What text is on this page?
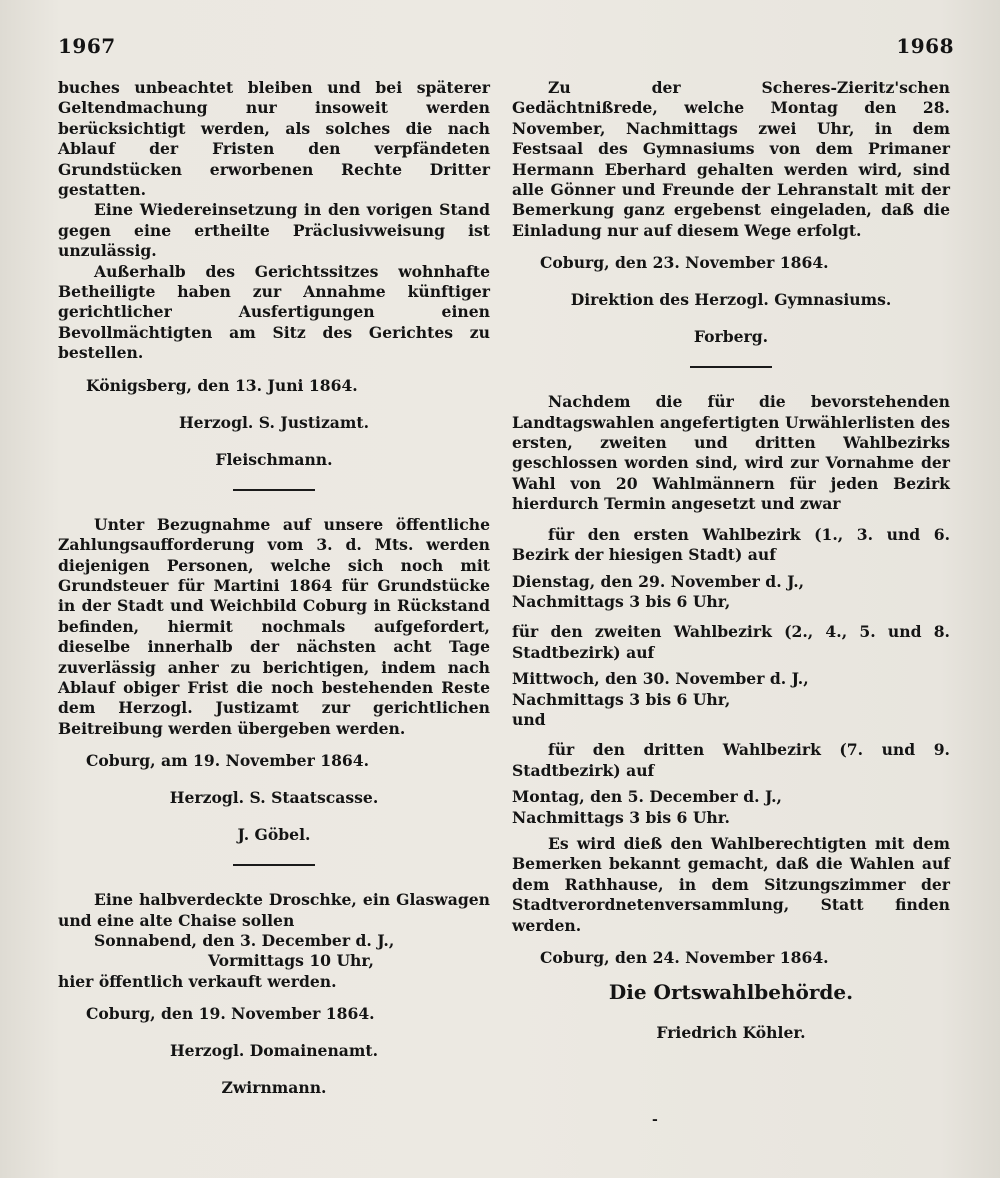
1967	1968

buches unbeachtet bleiben und bei späterer Geltendmachung nur insoweit werden berücksichtigt werden, als solches die nach Ablauf der Fristen den verpfändeten Grundstücken erworbenen Rechte Dritter gestatten.

Eine Wiedereinsetzung in den vorigen Stand gegen eine ertheilte Präclusivweisung ist unzulässig.

Außerhalb des Gerichtssitzes wohnhafte Betheiligte haben zur Annahme künftiger gerichtlicher Ausfertigungen einen Bevollmächtigten am Sitz des Gerichtes zu bestellen.

Königsberg, den 13. Juni 1864.

Herzogl. S. Justizamt.

Fleischmann.

Unter Bezugnahme auf unsere öffentliche Zahlungsaufforderung vom 3. d. Mts. werden diejenigen Personen, welche sich noch mit Grundsteuer für Martini 1864 für Grundstücke in der Stadt und Weichbild Coburg in Rückstand befinden, hiermit nochmals aufgefordert, dieselbe innerhalb der nächsten acht Tage zuverlässig anher zu berichtigen, indem nach Ablauf obiger Frist die noch bestehenden Reste dem Herzogl. Justizamt zur gerichtlichen Beitreibung werden übergeben werden.

Coburg, am 19. November 1864.

Herzogl. S. Staatscasse.

J. Göbel.

Eine halbverdeckte Droschke, ein Glaswagen und eine alte Chaise sollen

Sonnabend, den 3. December d. J.,

Vormittags 10 Uhr,

hier öffentlich verkauft werden.

Coburg, den 19. November 1864.

Herzogl. Domainenamt.

Zwirnmann.

Zu der Scheres-Zieritz'schen Gedächtnißrede, welche Montag den 28. November, Nachmittags zwei Uhr, in dem Festsaal des Gymnasiums von dem Primaner Hermann Eberhard gehalten werden wird, sind alle Gönner und Freunde der Lehranstalt mit der Bemerkung ganz ergebenst eingeladen, daß die Einladung nur auf diesem Wege erfolgt.

Coburg, den 23. November 1864.

Direktion des Herzogl. Gymnasiums.

Forberg.

Nachdem die für die bevorstehenden Landtagswahlen angefertigten Urwählerlisten des ersten, zweiten und dritten Wahlbezirks geschlossen worden sind, wird zur Vornahme der Wahl von 20 Wahlmännern für jeden Bezirk hierdurch Termin angesetzt und zwar

für den ersten Wahlbezirk (1., 3. und 6. Bezirk der hiesigen Stadt) auf

Dienstag, den 29. November d. J.,

Nachmittags 3 bis 6 Uhr,

für den zweiten Wahlbezirk (2., 4., 5. und 8. Stadtbezirk) auf

Mittwoch, den 30. November d. J.,

Nachmittags 3 bis 6 Uhr,

und

für den dritten Wahlbezirk (7. und 9. Stadtbezirk) auf

Montag, den 5. December d. J.,

Nachmittags 3 bis 6 Uhr.

Es wird dieß den Wahlberechtigten mit dem Bemerken bekannt gemacht, daß die Wahlen auf dem Rathhause, in dem Sitzungszimmer der Stadtverordnetenversammlung, Statt finden werden.

Coburg, den 24. November 1864.

Die Ortswahlbehörde.

Friedrich Köhler.

-
